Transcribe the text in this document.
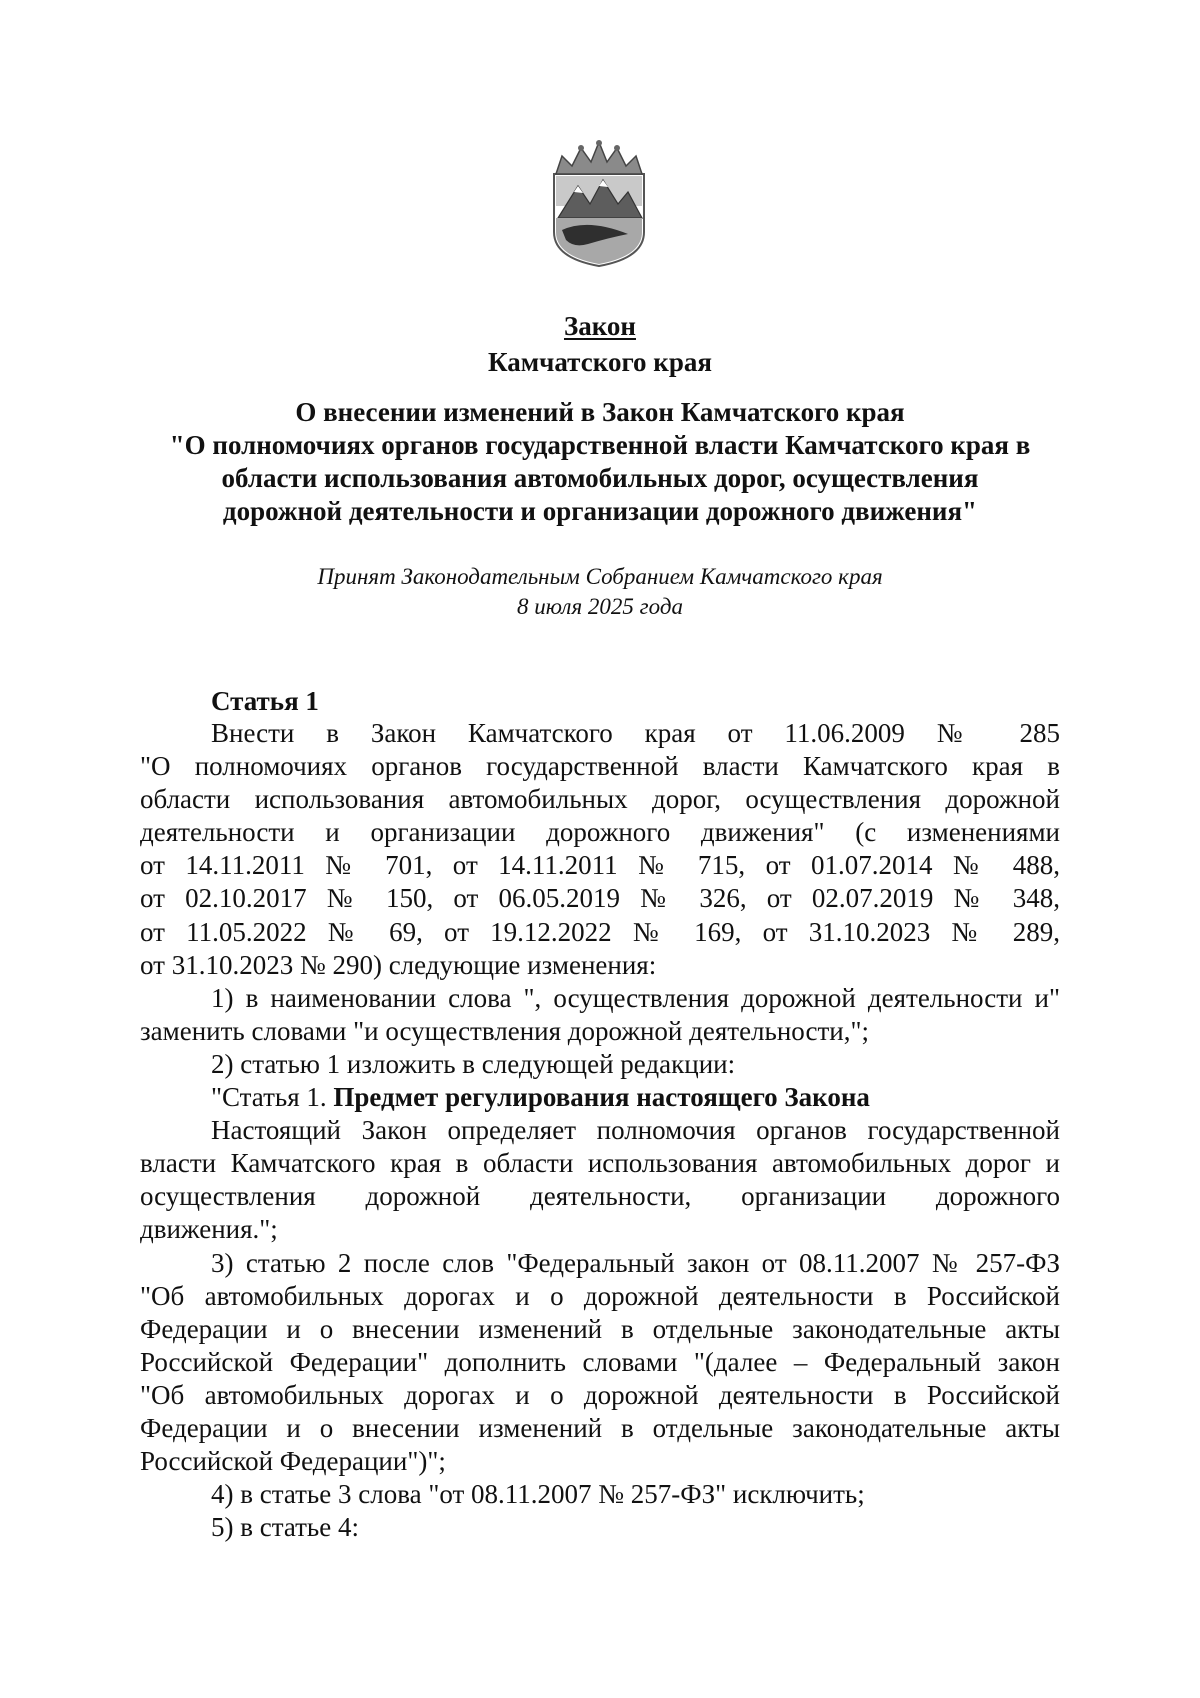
Закон
Камчатского края
О внесении изменений в Закон Камчатского края
"О полномочиях органов государственной власти Камчатского края в
области использования автомобильных дорог, осуществления
дорожной деятельности и организации дорожного движения"
Принят Законодательным Собранием Камчатского края
8 июля 2025 года
Статья 1
Внести в Закон Камчатского края от 11.06.2009 № 285
"О полномочиях органов государственной власти Камчатского края в
области использования автомобильных дорог, осуществления дорожной
деятельности и организации дорожного движения" (с изменениями
от 14.11.2011 № 701, от 14.11.2011 № 715, от 01.07.2014 № 488,
от 02.10.2017 № 150, от 06.05.2019 № 326, от 02.07.2019 № 348,
от 11.05.2022 № 69, от 19.12.2022 № 169, от 31.10.2023 № 289,
от 31.10.2023 № 290) следующие изменения:
1) в наименовании слова ", осуществления дорожной деятельности и"
заменить словами "и осуществления дорожной деятельности,";
2) статью 1 изложить в следующей редакции:
"Статья 1. Предмет регулирования настоящего Закона
Настоящий Закон определяет полномочия органов государственной
власти Камчатского края в области использования автомобильных дорог и
осуществления дорожной деятельности, организации дорожного
движения.";
3) статью 2 после слов "Федеральный закон от 08.11.2007 № 257-ФЗ
"Об автомобильных дорогах и о дорожной деятельности в Российской
Федерации и о внесении изменений в отдельные законодательные акты
Российской Федерации" дополнить словами "(далее – Федеральный закон
"Об автомобильных дорогах и о дорожной деятельности в Российской
Федерации и о внесении изменений в отдельные законодательные акты
Российской Федерации")";
4) в статье 3 слова "от 08.11.2007 № 257-ФЗ" исключить;
5) в статье 4:
